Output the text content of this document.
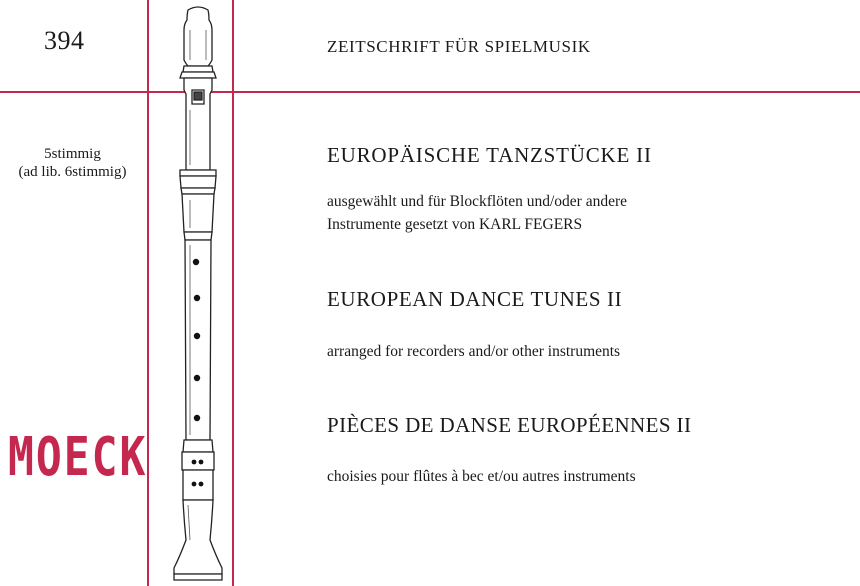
394
5stimmig
(ad lib. 6stimmig)
MOECK
ZEITSCHRIFT FÜR SPIELMUSIK
EUROPÄISCHE TANZSTÜCKE II
ausgewählt und für Blockflöten und/oder andere
Instrumente gesetzt von KARL FEGERS
EUROPEAN DANCE TUNES II
arranged for recorders and/or other instruments
PIÈCES DE DANSE EUROPÉENNES II
choisies pour flûtes à bec et/ou autres instruments
